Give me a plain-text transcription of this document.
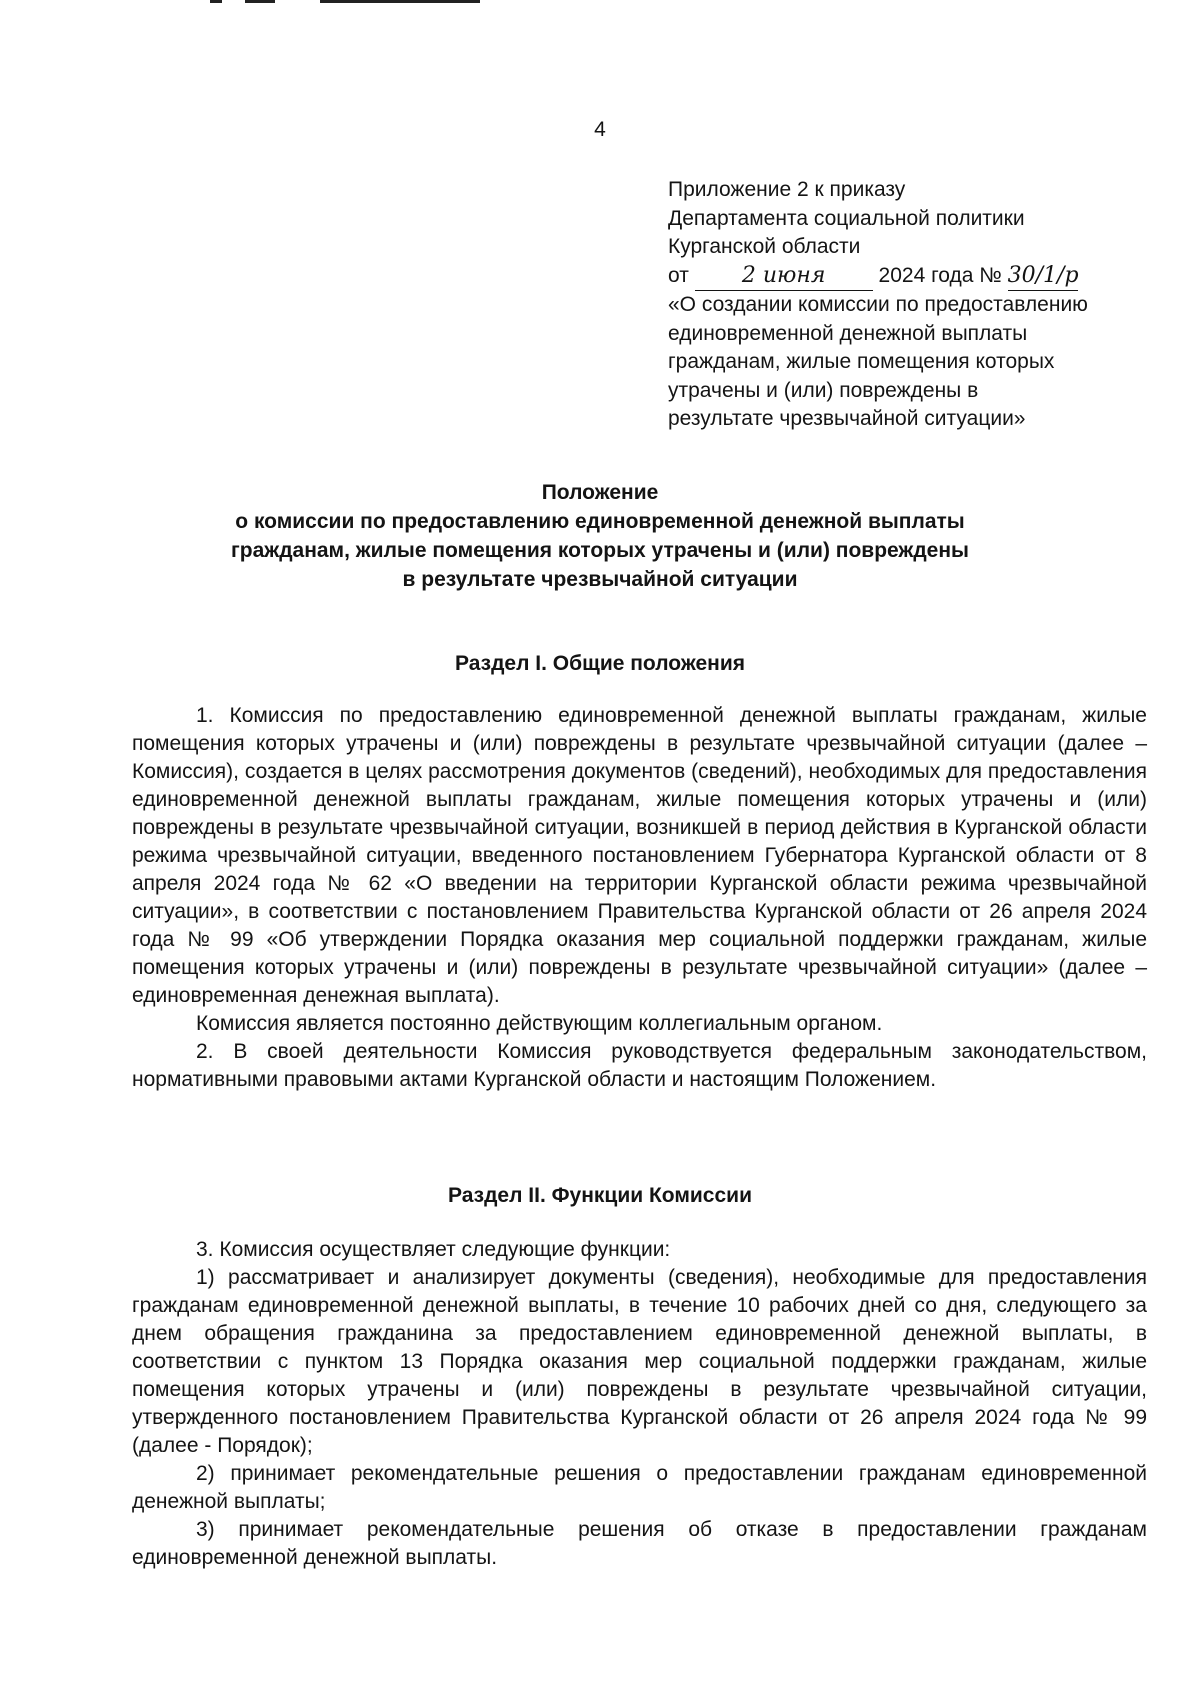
4
Приложение 2 к приказу
Департамента социальной политики
Курганской области
от 2 июня	2024 года № 30/1/р
«О создании комиссии по предоставлению
единовременной денежной выплаты
гражданам, жилые помещения которых
утрачены и (или) повреждены в
результате чрезвычайной ситуации»
Положение
о комиссии по предоставлению единовременной денежной выплаты
гражданам, жилые помещения которых утрачены и (или) повреждены
в результате чрезвычайной ситуации
Раздел I. Общие положения

1. Комиссия по предоставлению единовременной денежной выплаты гражданам, жилые помещения которых утрачены и (или) повреждены в результате чрезвычайной ситуации (далее – Комиссия), создается в целях рассмотрения документов (сведений), необходимых для предоставления единовременной денежной выплаты гражданам, жилые помещения которых утрачены и (или) повреждены в результате чрезвычайной ситуации, возникшей в период действия в Курганской области режима чрезвычайной ситуации, введенного постановлением Губернатора Курганской области от 8 апреля 2024 года № 62 «О введении на территории Курганской области режима чрезвычайной ситуации», в соответствии с постановлением Правительства Курганской области от 26 апреля 2024 года № 99 «Об утверждении Порядка оказания мер социальной поддержки гражданам, жилые помещения которых утрачены и (или) повреждены в результате чрезвычайной ситуации» (далее – единовременная денежная выплата).

Комиссия является постоянно действующим коллегиальным органом.

2. В своей деятельности Комиссия руководствуется федеральным законодательством, нормативными правовыми актами Курганской области и настоящим Положением.

Раздел II. Функции Комиссии

3. Комиссия осуществляет следующие функции:

1) рассматривает и анализирует документы (сведения), необходимые для предоставления гражданам единовременной денежной выплаты, в течение 10 рабочих дней со дня, следующего за днем обращения гражданина за предоставлением единовременной денежной выплаты, в соответствии с пунктом 13 Порядка оказания мер социальной поддержки гражданам, жилые помещения которых утрачены и (или) повреждены в результате чрезвычайной ситуации, утвержденного постановлением Правительства Курганской области от 26 апреля 2024 года № 99 (далее - Порядок);

2) принимает рекомендательные решения о предоставлении гражданам единовременной денежной выплаты;

3) принимает рекомендательные решения об отказе в предоставлении гражданам единовременной денежной выплаты.
